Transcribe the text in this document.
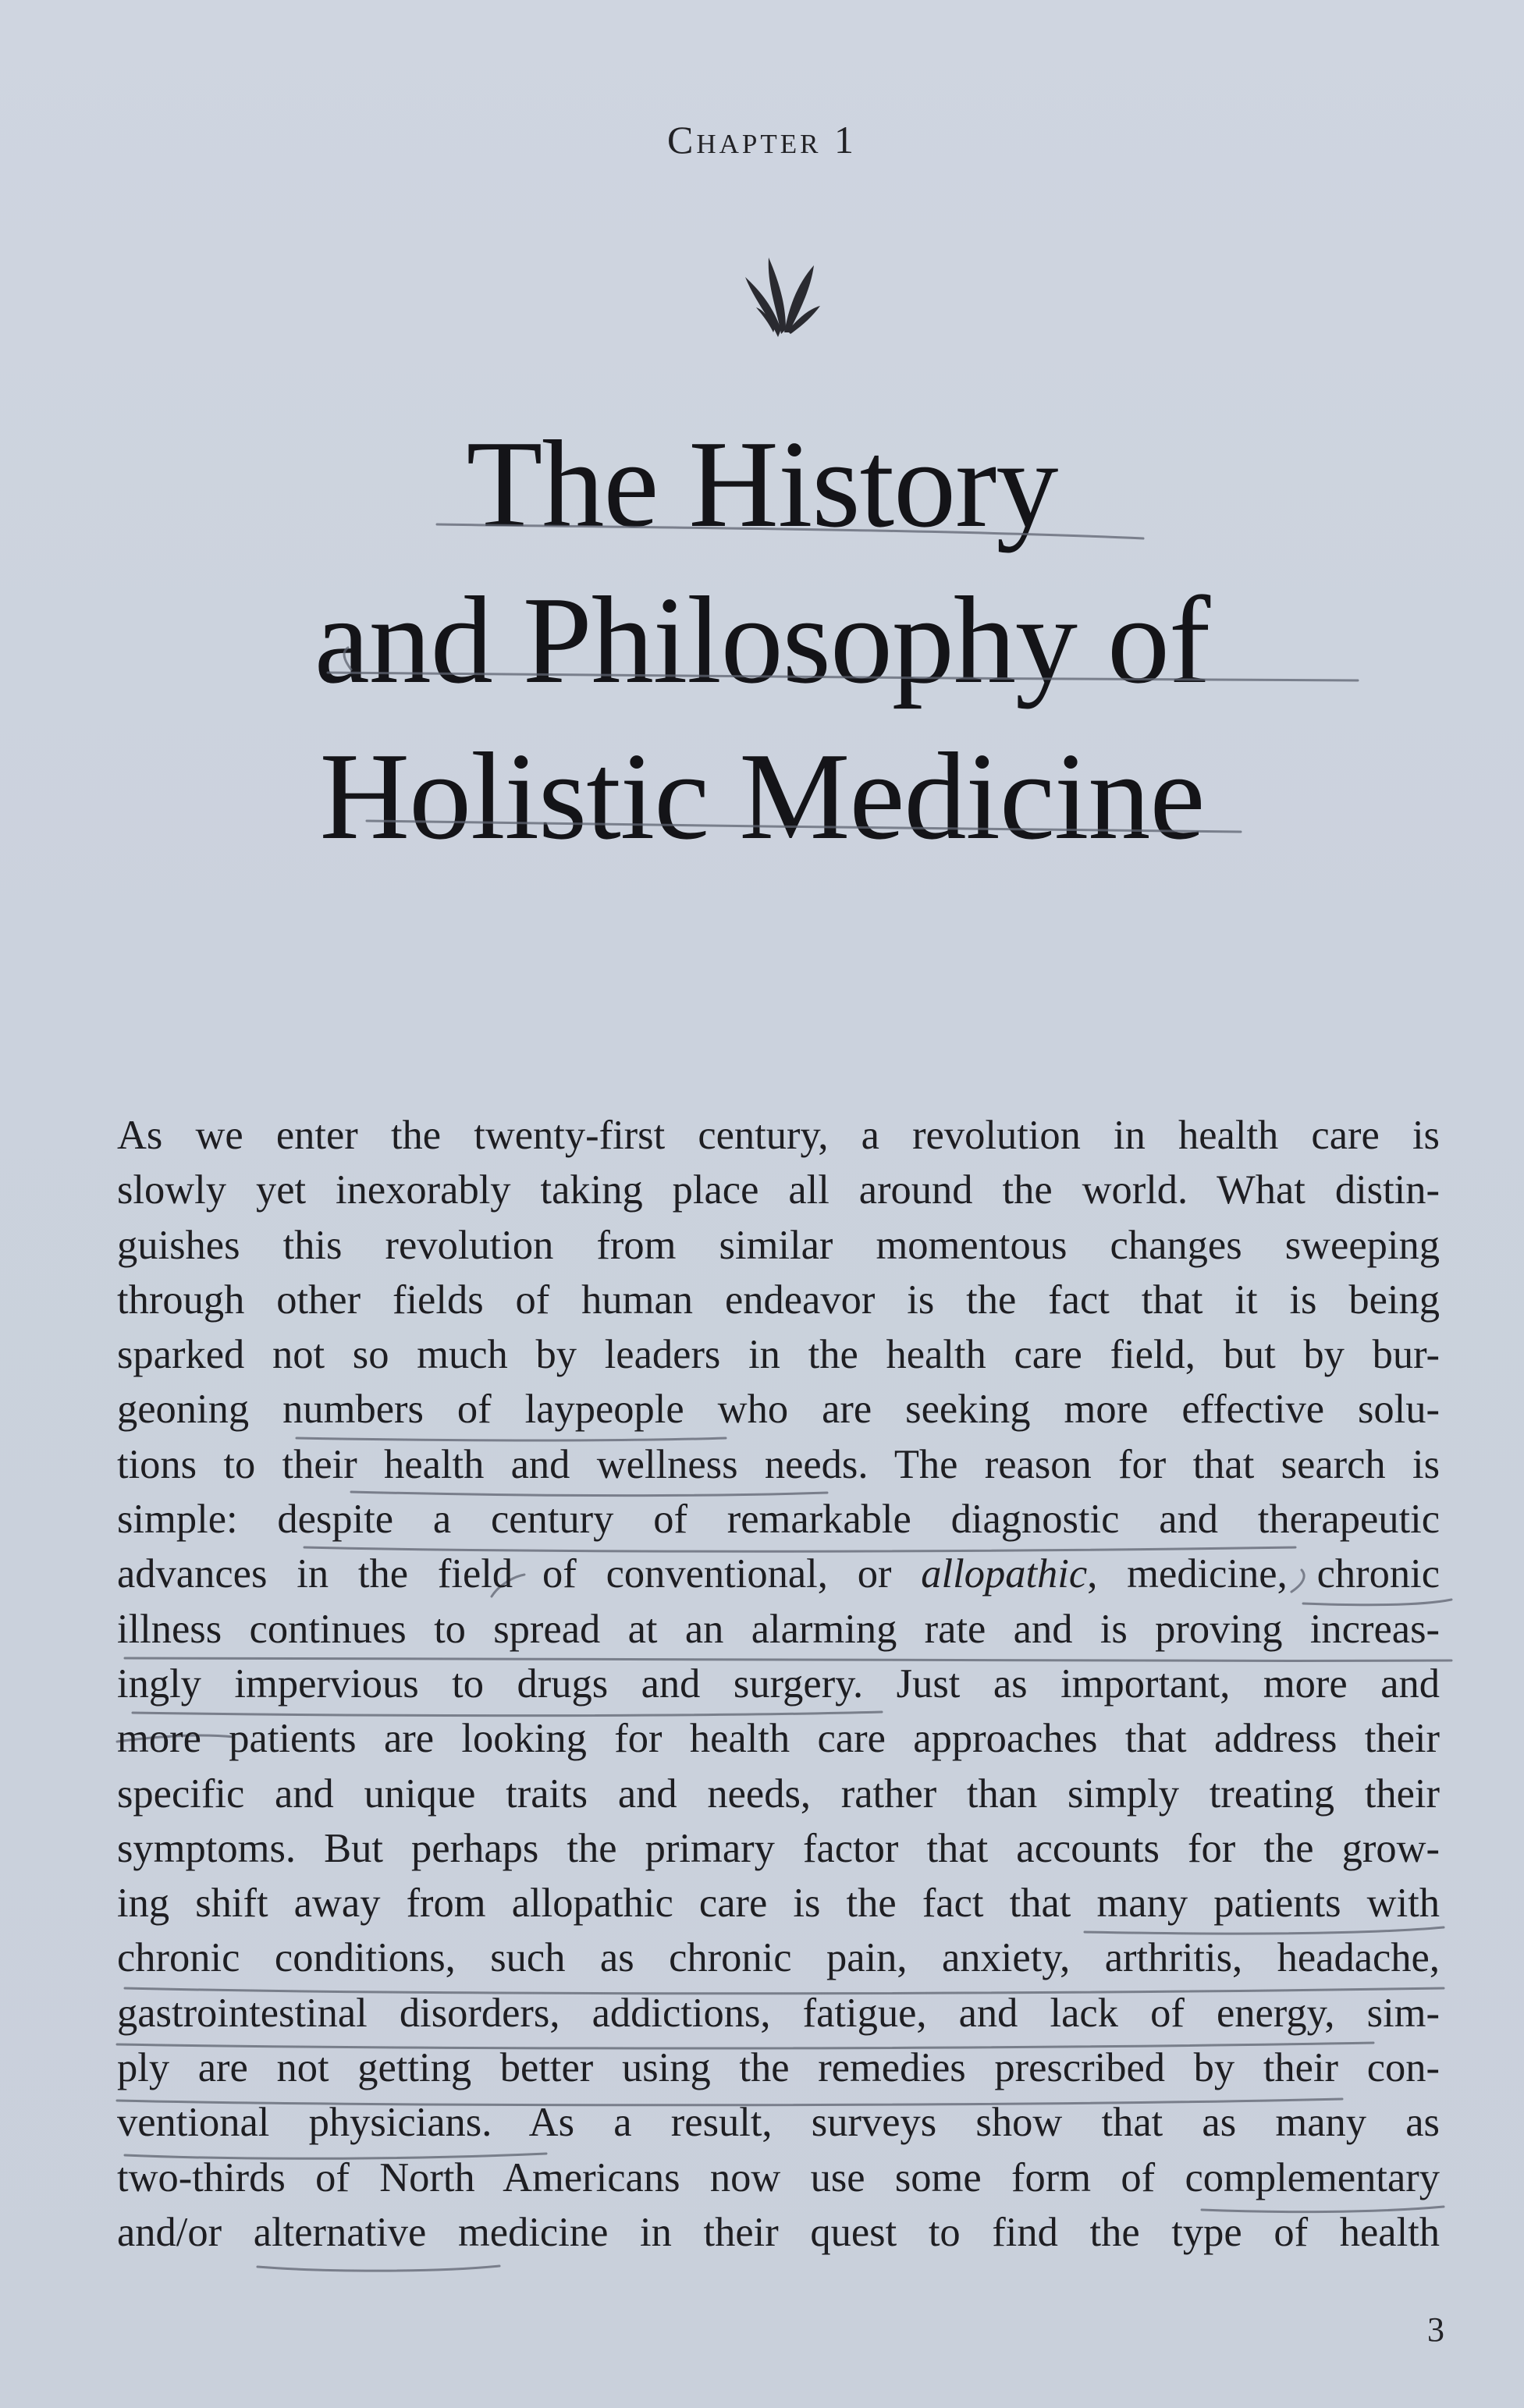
Chapter 1
The History
and Philosophy of
Holistic Medicine
As we enter the twenty-first century, a revolution in health care is
slowly yet inexorably taking place all around the world. What distin-
guishes this revolution from similar momentous changes sweeping
through other fields of human endeavor is the fact that it is being
sparked not so much by leaders in the health care field, but by bur-
geoning numbers of laypeople who are seeking more effective solu-
tions to their health and wellness needs. The reason for that search is
simple: despite a century of remarkable diagnostic and therapeutic
advances in the field of conventional, or allopathic, medicine, chronic
illness continues to spread at an alarming rate and is proving increas-
ingly impervious to drugs and surgery. Just as important, more and
more patients are looking for health care approaches that address their
specific and unique traits and needs, rather than simply treating their
symptoms. But perhaps the primary factor that accounts for the grow-
ing shift away from allopathic care is the fact that many patients with
chronic conditions, such as chronic pain, anxiety, arthritis, headache,
gastrointestinal disorders, addictions, fatigue, and lack of energy, sim-
ply are not getting better using the remedies prescribed by their con-
ventional physicians. As a result, surveys show that as many as
two-thirds of North Americans now use some form of complementary
and/or alternative medicine in their quest to find the type of health
3
